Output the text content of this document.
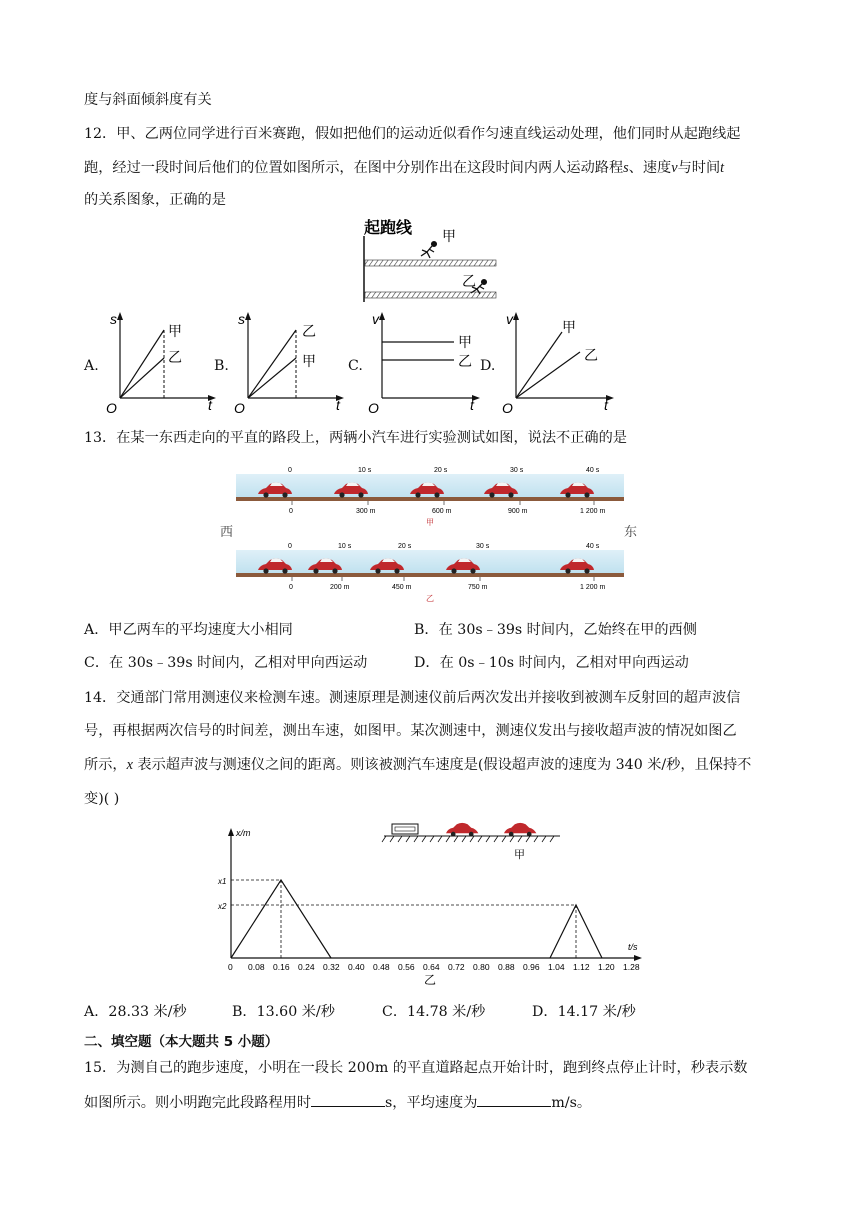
度与斜面倾斜度有关
12．甲、乙两位同学进行百米赛跑，假如把他们的运动近似看作匀速直线运动处理，他们同时从起跑线起
跑，经过一段时间后他们的位置如图所示，在图中分别作出在这段时间内两人运动路程s、速度v与时间t
的关系图象，正确的是
起跑线 甲
乙
A.
s
t
O
甲
乙
B.
s
t
O
乙
甲 C.
v
t
O
甲
乙 D.
v
t
O
甲
乙
13．在某一东西走向的平直的路段上，两辆小汽车进行实验测试如图，说法不正确的是
0	10 s	20 s	30 s	40 s
0	300 m	600 m	900 m	1 200 m
甲
西	东
0	10 s	20 s	30 s	40 s
0	200 m	450 m	750 m	1 200 m
乙
A．甲乙两车的平均速度大小相同	B．在 30s﹣39s 时间内，乙始终在甲的西侧
C．在 30s﹣39s 时间内，乙相对甲向西运动	D．在 0s﹣10s 时间内，乙相对甲向西运动
14．交通部门常用测速仪来检测车速。测速原理是测速仪前后两次发出并接收到被测车反射回的超声波信
号，再根据两次信号的时间差，测出车速，如图甲。某次测速中，测速仪发出与接收超声波的情况如图乙
所示，x 表示超声波与测速仪之间的距离。则该被测汽车速度是(假设超声波的速度为 340 米/秒，且保持不
变)( )
甲
x/m
t/s
x1
x2
0 0.08 0.16 0.24 0.32 0.40 0.48 0.56 0.64 0.72 0.80 0.88 0.96 1.04 1.12 1.20 1.28
乙
A．28.33 米/秒	B．13.60 米/秒	C．14.78 米/秒	D．14.17 米/秒
二、填空题（本大题共 5 小题）
15．为测自己的跑步速度，小明在一段长 200m 的平直道路起点开始计时，跑到终点停止计时，秒表示数
如图所示。则小明跑完此段路程用时	s，平均速度为	m/s。
